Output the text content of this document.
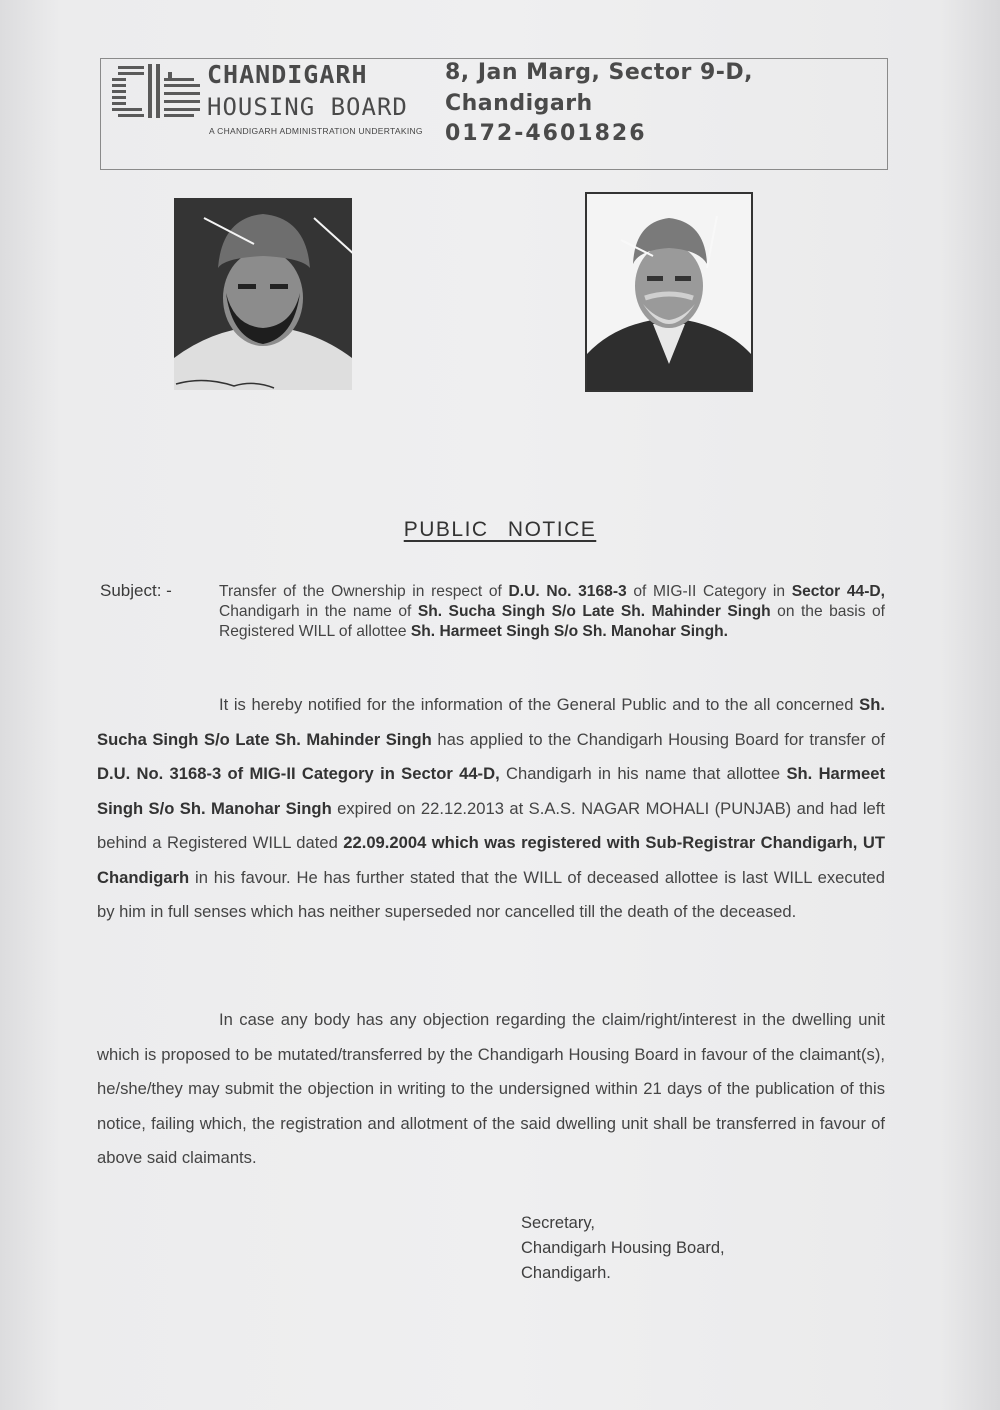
CHANDIGARH
HOUSING BOARD
A CHANDIGARH ADMINISTRATION UNDERTAKING
8, Jan Marg, Sector 9-D,
Chandigarh
0172-4601826
PUBLIC NOTICE
Subject: -	Transfer of the Ownership in respect of D.U. No. 3168-3 of MIG-II Category in Sector 44-D, Chandigarh in the name of Sh. Sucha Singh S/o Late Sh. Mahinder Singh on the basis of Registered WILL of allottee Sh. Harmeet Singh S/o Sh. Manohar Singh.
It is hereby notified for the information of the General Public and to the all concerned Sh. Sucha Singh S/o Late Sh. Mahinder Singh has applied to the Chandigarh Housing Board for transfer of D.U. No. 3168-3 of MIG-II Category in Sector 44-D, Chandigarh in his name that allottee Sh. Harmeet Singh S/o Sh. Manohar Singh expired on 22.12.2013 at S.A.S. NAGAR MOHALI (PUNJAB) and had left behind a Registered WILL dated 22.09.2004 which was registered with Sub-Registrar Chandigarh, UT Chandigarh in his favour. He has further stated that the WILL of deceased allottee is last WILL executed by him in full senses which has neither superseded nor cancelled till the death of the deceased.
In case any body has any objection regarding the claim/right/interest in the dwelling unit which is proposed to be mutated/transferred by the Chandigarh Housing Board in favour of the claimant(s), he/she/they may submit the objection in writing to the undersigned within 21 days of the publication of this notice, failing which, the registration and allotment of the said dwelling unit shall be transferred in favour of above said claimants.
Secretary,
Chandigarh Housing Board,
Chandigarh.
